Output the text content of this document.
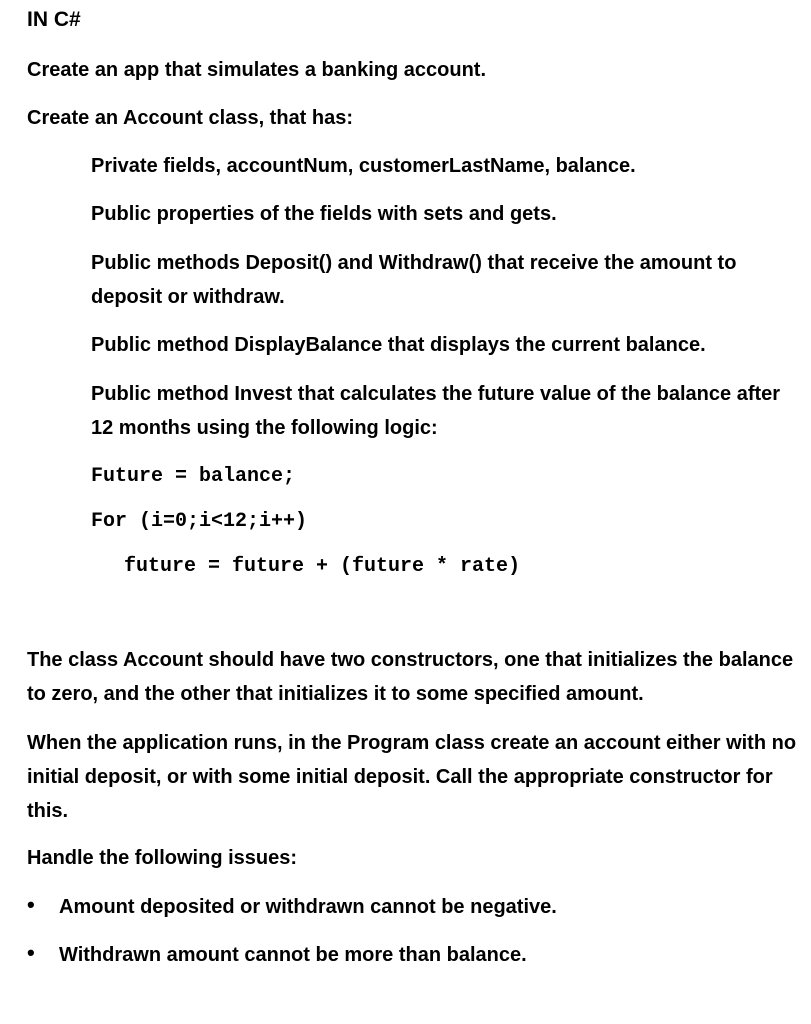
IN C#
Create an app that simulates a banking account.
Create an Account class, that has:
Private fields, accountNum, customerLastName, balance.
Public properties of the fields with sets and gets.
Public methods Deposit() and Withdraw() that receive the amount to deposit or withdraw.
Public method DisplayBalance that displays the current balance.
Public method Invest that calculates the future value of the balance after 12 months using the following logic:
Future = balance;
For (i=0;i<12;i++)
future = future + (future * rate)
The class Account should have two constructors, one that initializes the balance to zero, and the other that initializes it to some specified amount.
When the application runs, in the Program class create an account either with no initial deposit, or with some initial deposit. Call the appropriate constructor for this.
Handle the following issues:
• Amount deposited or withdrawn cannot be negative.
• Withdrawn amount cannot be more than balance.
